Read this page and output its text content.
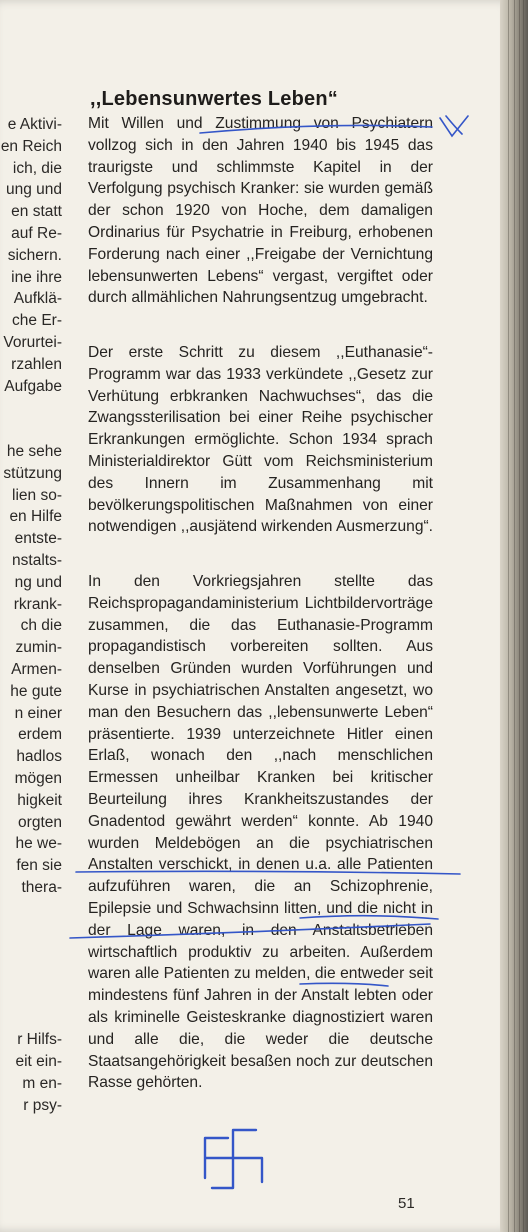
e Aktivi-
en Reich
ich, die
ung und
en statt
auf Re-
sichern.
ine ihre
Aufklä-
che Er-
Vorurtei-
rzahlen
Aufgabe
he sehe
stützung
lien so-
en Hilfe
entste-
nstalts-
ng und
rkrank-
ch die
zumin-
Armen-
he gute
n einer
erdem
hadlos
mögen
higkeit
orgten
he we-
fen sie
thera-
r Hilfs-
eit ein-
m en-
r psy-
,,Lebensunwertes Leben“

Mit Willen und Zustimmung von Psychiatern vollzog sich in den Jahren 1940 bis 1945 das traurigste und schlimmste Kapitel in der Verfolgung psychisch Kranker: sie wurden gemäß der schon 1920 von Hoche, dem damaligen Ordinarius für Psychatrie in Freiburg, erhobenen Forderung nach einer ,,Freigabe der Vernichtung lebensunwerten Lebens“ vergast, vergiftet oder durch allmählichen Nahrungsentzug umgebracht.

Der erste Schritt zu diesem ,,Euthanasie“-Programm war das 1933 verkündete ,,Gesetz zur Verhütung erbkranken Nachwuchses“, das die Zwangssterilisation bei einer Reihe psychischer Erkrankungen ermöglichte. Schon 1934 sprach Ministerialdirektor Gütt vom Reichsministerium des Innern im Zusammenhang mit bevölkerungspolitischen Maßnahmen von einer notwendigen ,,ausjätend wirkenden Ausmerzung“.

In den Vorkriegsjahren stellte das Reichspropagandaministerium Lichtbildervorträge zusammen, die das Euthanasie-Programm propagandistisch vorbereiten sollten. Aus denselben Gründen wurden Vorführungen und Kurse in psychiatrischen Anstalten angesetzt, wo man den Besuchern das ,,lebensunwerte Leben“ präsentierte. 1939 unterzeichnete Hitler einen Erlaß, wonach den ,,nach menschlichen Ermessen unheilbar Kranken bei kritischer Beurteilung ihres Krankheitszustandes der Gnadentod gewährt werden“ konnte. Ab 1940 wurden Meldebögen an die psychiatrischen Anstalten verschickt, in denen u.a. alle Patienten aufzuführen waren, die an Schizophrenie, Epilepsie und Schwachsinn litten, und die nicht in der Lage waren, in den Anstaltsbetrieben wirtschaftlich produktiv zu arbeiten. Außerdem waren alle Patienten zu melden, die entweder seit mindestens fünf Jahren in der Anstalt lebten oder als kriminelle Geisteskranke diagnostiziert waren und alle die, die weder die deutsche Staatsangehörigkeit besaßen noch zur deutschen Rasse gehörten.

51
